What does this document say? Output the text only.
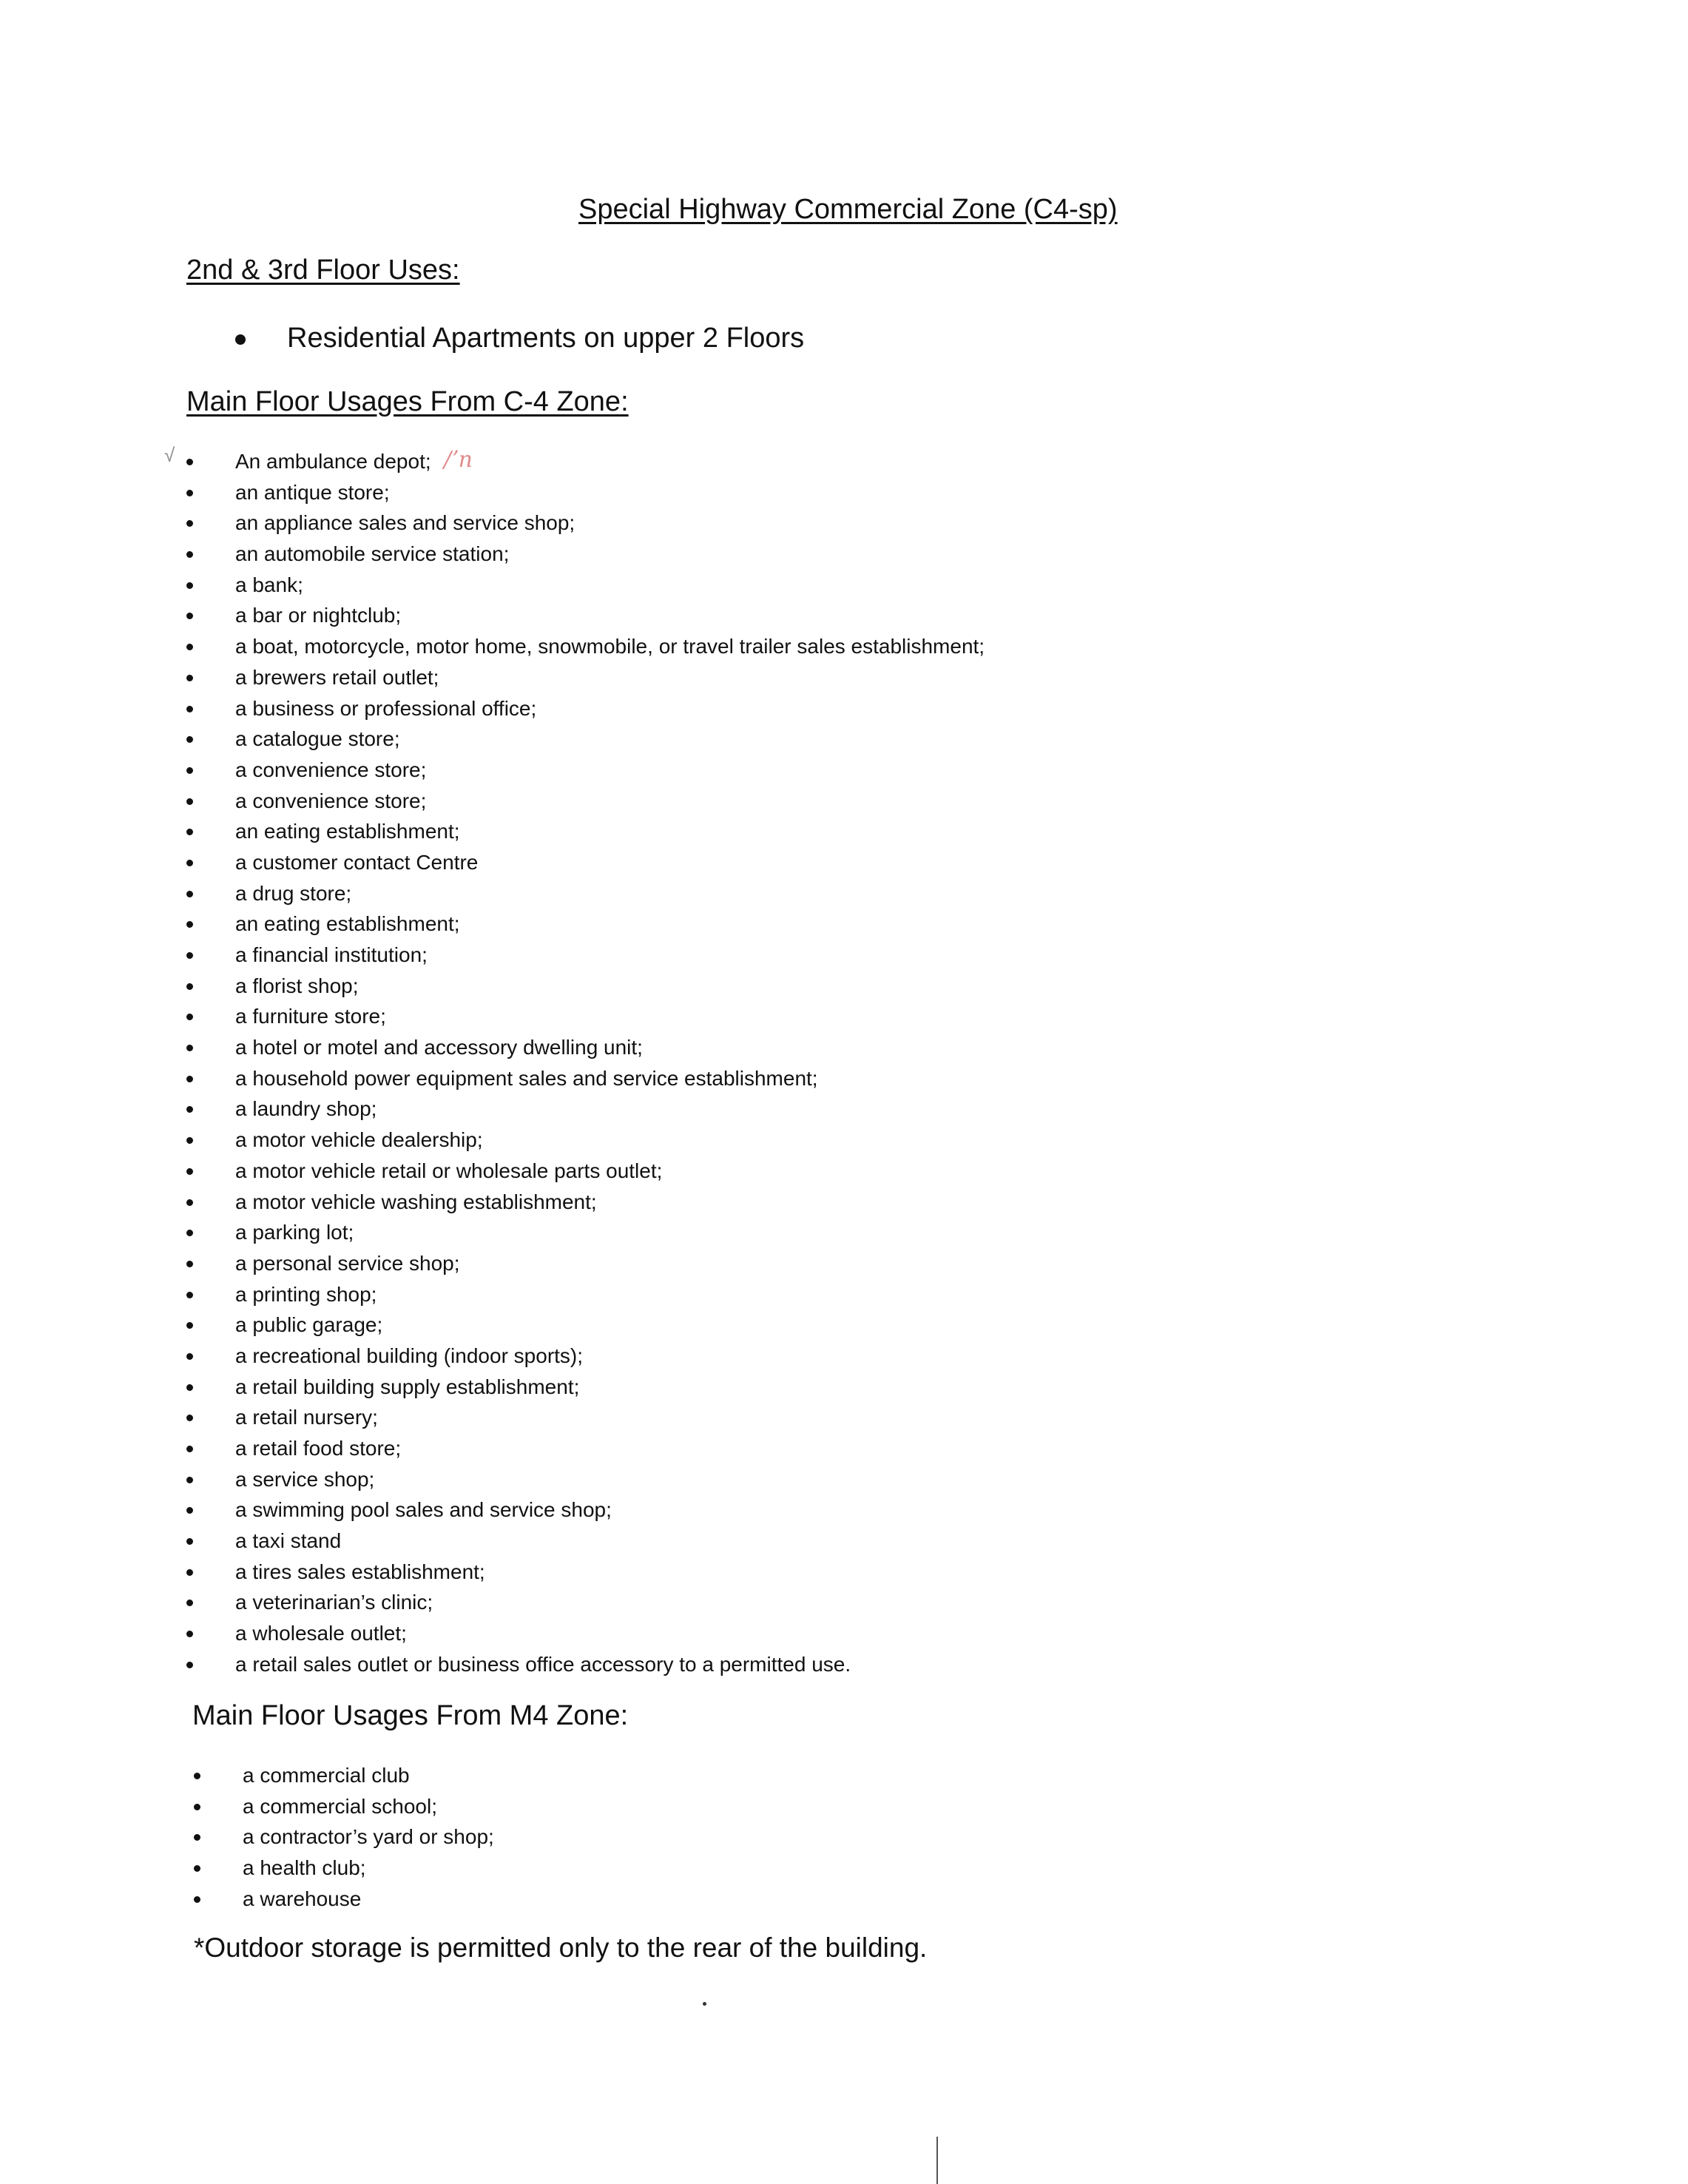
Special Highway Commercial Zone (C4-sp)
2nd & 3rd Floor Uses:
Residential Apartments on upper 2 Floors
Main Floor Usages From C-4 Zone:
√	/ʼn
An ambulance depot;
an antique store;
an appliance sales and service shop;
an automobile service station;
a bank;
a bar or nightclub;
a boat, motorcycle, motor home, snowmobile, or travel trailer sales establishment;
a brewers retail outlet;
a business or professional office;
a catalogue store;
a convenience store;
a convenience store;
an eating establishment;
a customer contact Centre
a drug store;
an eating establishment;
a financial institution;
a florist shop;
a furniture store;
a hotel or motel and accessory dwelling unit;
a household power equipment sales and service establishment;
a laundry shop;
a motor vehicle dealership;
a motor vehicle retail or wholesale parts outlet;
a motor vehicle washing establishment;
a parking lot;
a personal service shop;
a printing shop;
a public garage;
a recreational building (indoor sports);
a retail building supply establishment;
a retail nursery;
a retail food store;
a service shop;
a swimming pool sales and service shop;
a taxi stand
a tires sales establishment;
a veterinarian’s clinic;
a wholesale outlet;
a retail sales outlet or business office accessory to a permitted use.
Main Floor Usages From M4 Zone:
a commercial club
a commercial school;
a contractor’s yard or shop;
a health club;
a warehouse
*Outdoor storage is permitted only to the rear of the building.
